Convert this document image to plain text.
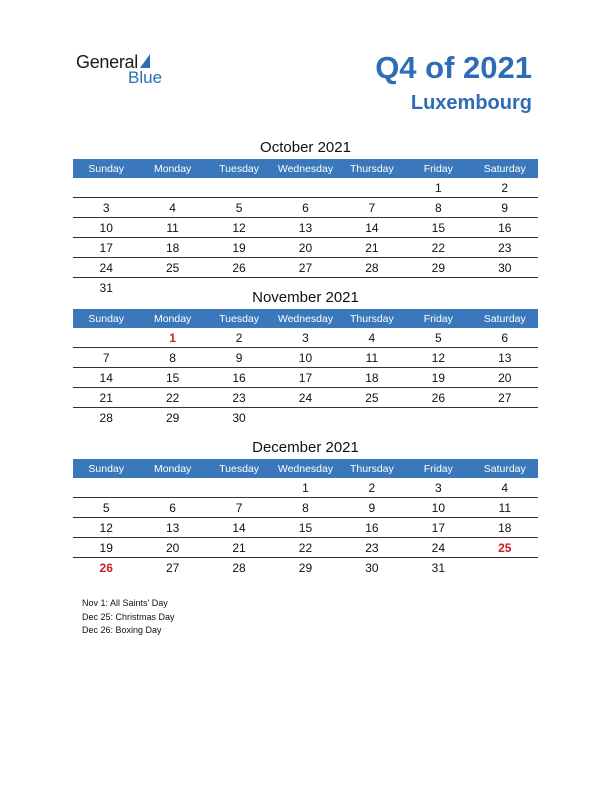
General
Blue	Q4 of 2021
Luxembourg
October 2021
Sunday	Monday	Tuesday	Wednesday	Thursday	Friday	Saturday
					1	2
3	4	5	6	7	8	9
10	11	12	13	14	15	16
17	18	19	20	21	22	23
24	25	26	27	28	29	30
31						
November 2021
Sunday	Monday	Tuesday	Wednesday	Thursday	Friday	Saturday
	1	2	3	4	5	6
7	8	9	10	11	12	13
14	15	16	17	18	19	20
21	22	23	24	25	26	27
28	29	30				
December 2021
Sunday	Monday	Tuesday	Wednesday	Thursday	Friday	Saturday
			1	2	3	4
5	6	7	8	9	10	11
12	13	14	15	16	17	18
19	20	21	22	23	24	25
26	27	28	29	30	31	
Nov 1: All Saints' Day
Dec 25: Christmas Day
Dec 26: Boxing Day
